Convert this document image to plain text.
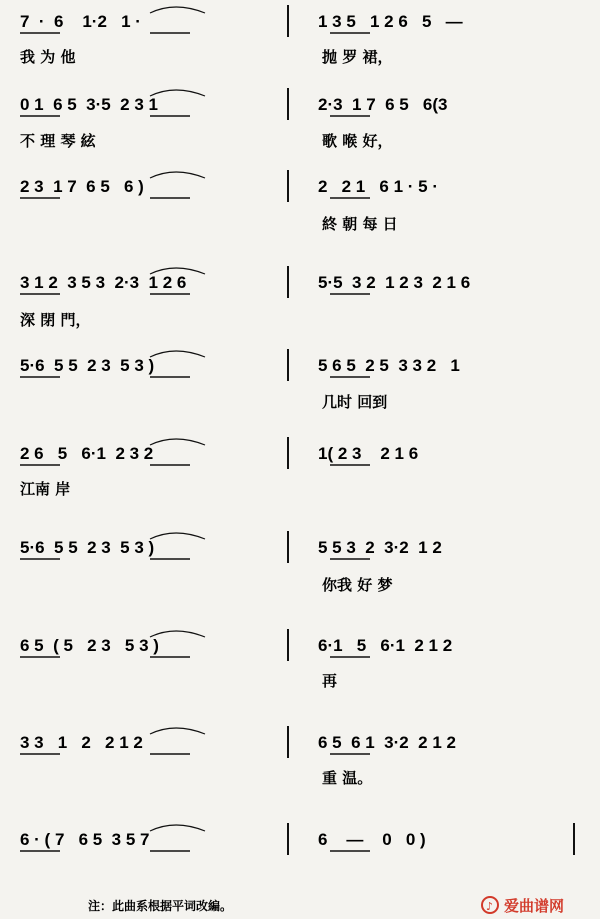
7  ·  6    1·2   1 ·	1 3 5   1 2 6   5   —
我 为 他	抛 罗 裙，
0 1  6 5  3·5  2 3 1	2·3  1 7  6 5   6(3
不 理 琴 絃	歌 喉 好，
2 3  1 7  6 5   6 )	2   2 1   6 1 · 5 ·
終 朝 每 日
3 1 2  3 5 3  2·3  1 2 6	5·5  3 2  1 2 3  2 1 6
深 閉 門，
5·6  5 5  2 3  5 3 )	5 6 5  2 5  3 3 2   1
几时 回到
2 6   5   6·1  2 3 2	1( 2 3    2 1 6
江南 岸
5·6  5 5  2 3  5 3 )	5 5 3  2  3·2  1 2
你我 好 梦
6 5  ( 5   2 3   5 3 )	6·1   5   6·1  2 1 2
再
3 3   1   2   2 1 2	6 5  6 1  3·2  2 1 2
重 温。
6 · ( 7   6 5  3 5 7	6    —    0   0 )
注：此曲系根据平词改編。	♪ 爱曲谱网
